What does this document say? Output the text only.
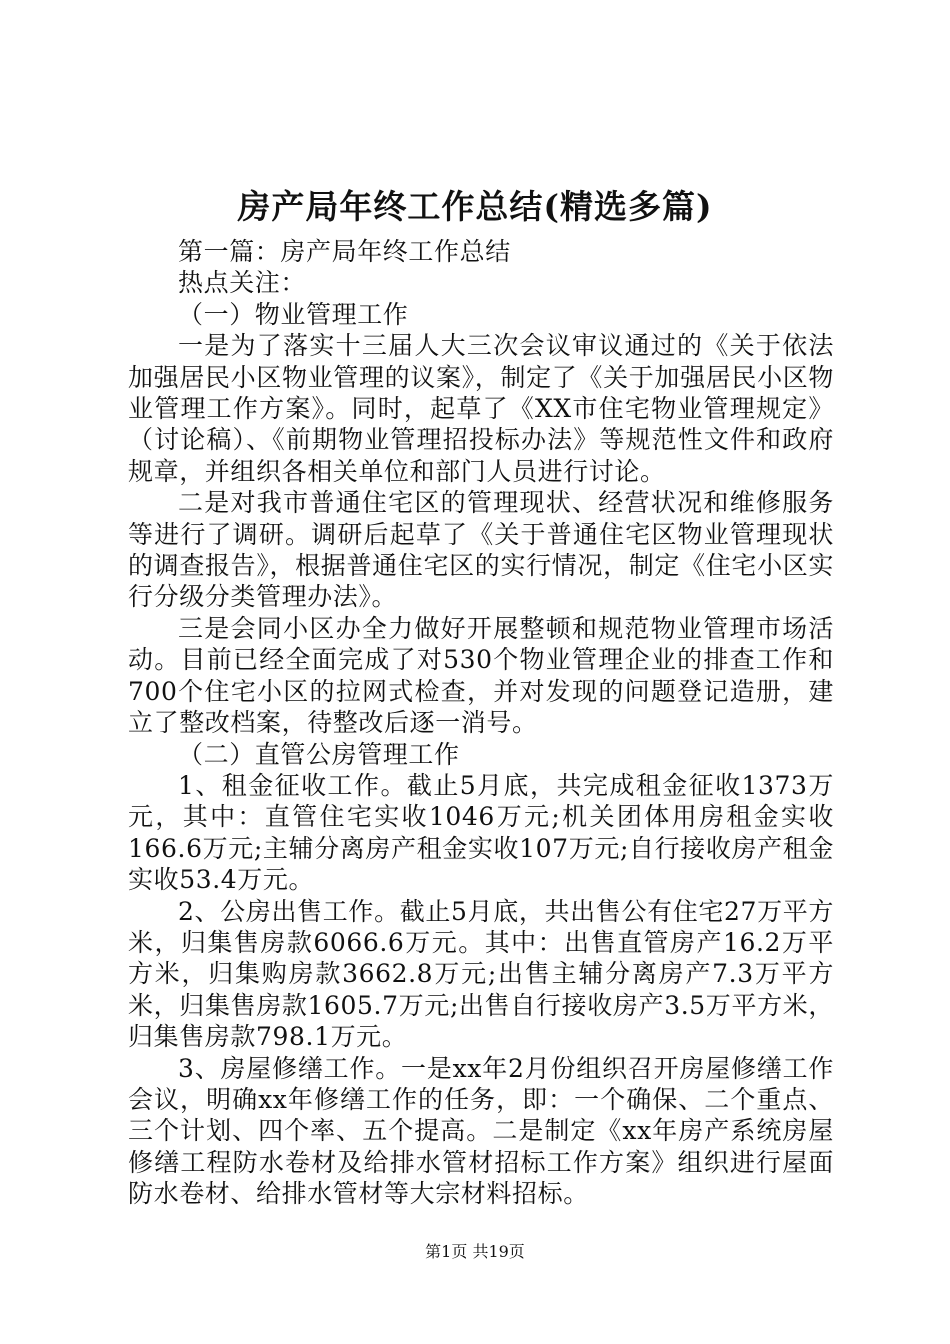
房产局年终工作总结(精选多篇)

第一篇：房产局年终工作总结

热点关注：

（一）物业管理工作

一是为了落实十三届人大三次会议审议通过的《关于依法加强居民小区物业管理的议案》，制定了《关于加强居民小区物业管理工作方案》。同时，起草了《XX市住宅物业管理规定》（讨论稿）、《前期物业管理招投标办法》等规范性文件和政府规章，并组织各相关单位和部门人员进行讨论。

二是对我市普通住宅区的管理现状、经营状况和维修服务等进行了调研。调研后起草了《关于普通住宅区物业管理现状的调查报告》，根据普通住宅区的实行情况，制定《住宅小区实行分级分类管理办法》。

三是会同小区办全力做好开展整顿和规范物业管理市场活动。目前已经全面完成了对530个物业管理企业的排查工作和700个住宅小区的拉网式检查，并对发现的问题登记造册，建立了整改档案，待整改后逐一消号。

（二）直管公房管理工作

1、租金征收工作。截止5月底，共完成租金征收1373万元，其中：直管住宅实收1046万元;机关团体用房租金实收166.6万元;主辅分离房产租金实收107万元;自行接收房产租金实收53.4万元。

2、公房出售工作。截止5月底，共出售公有住宅27万平方米，归集售房款6066.6万元。其中：出售直管房产16.2万平方米，归集购房款3662.8万元;出售主辅分离房产7.3万平方米，归集售房款1605.7万元;出售自行接收房产3.5万平方米，归集售房款798.1万元。

3、房屋修缮工作。一是xx年2月份组织召开房屋修缮工作会议，明确xx年修缮工作的任务，即：一个确保、二个重点、三个计划、四个率、五个提高。二是制定《xx年房产系统房屋修缮工程防水卷材及给排水管材招标工作方案》组织进行屋面防水卷材、给排水管材等大宗材料招标。

第1页 共19页
